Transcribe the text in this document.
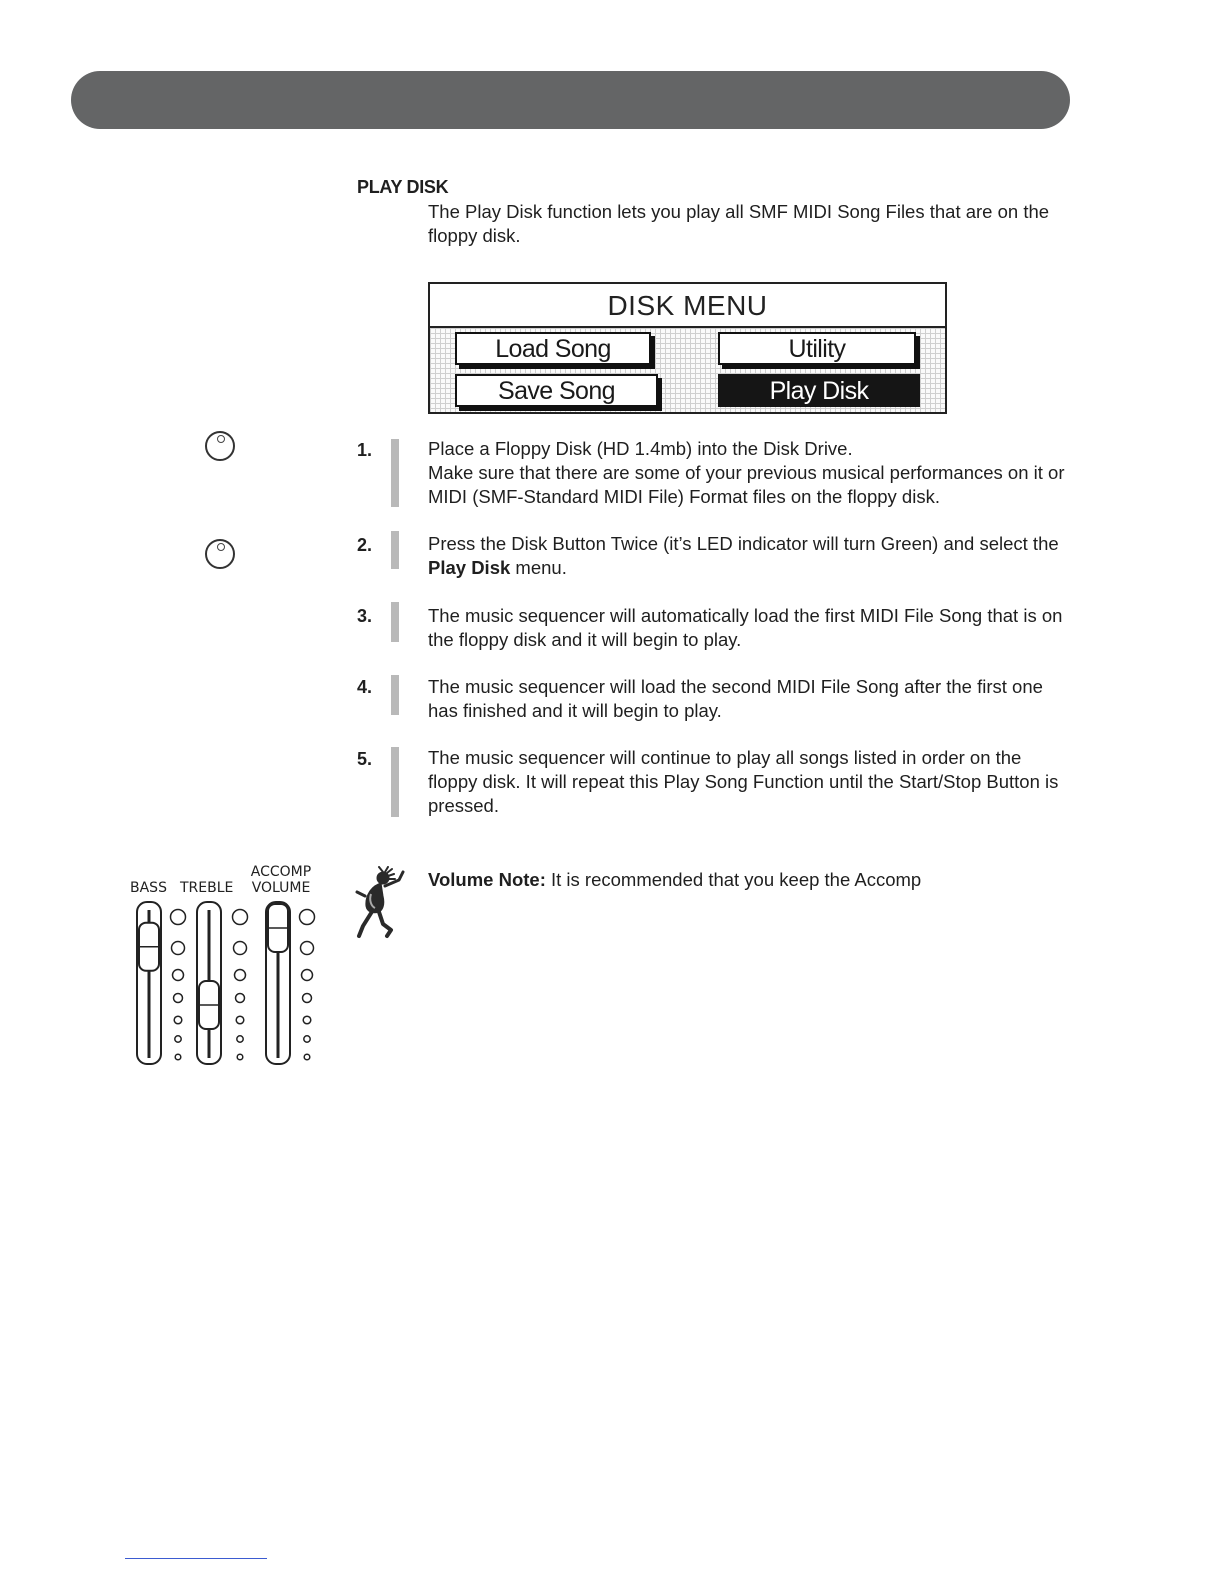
PLAY DISK
The Play Disk function lets you play all SMF MIDI Song Files that are on the floppy disk.
DISK MENU
Load Song	Utility
Save Song	Play Disk
1.	Place a Floppy Disk (HD 1.4mb) into the Disk Drive.
Make sure that there are some of your previous musical performances on it or MIDI (SMF-Standard MIDI File) Format files on the floppy disk.
2.	Press the Disk Button Twice (it’s LED indicator will turn Green) and select the Play Disk menu.
3.	The music sequencer will automatically load the first MIDI File Song that is on the floppy disk and it will begin to play.
4.	The music sequencer will load the second MIDI File Song after the first one has finished and it will begin to play.
5.	The music sequencer will continue to play all songs listed in order on the floppy disk. It will repeat this Play Song Function until the Start/Stop Button is pressed.
Volume Note: It is recommended that you keep the Accomp
BASS TREBLE
ACCOMP
VOLUME
